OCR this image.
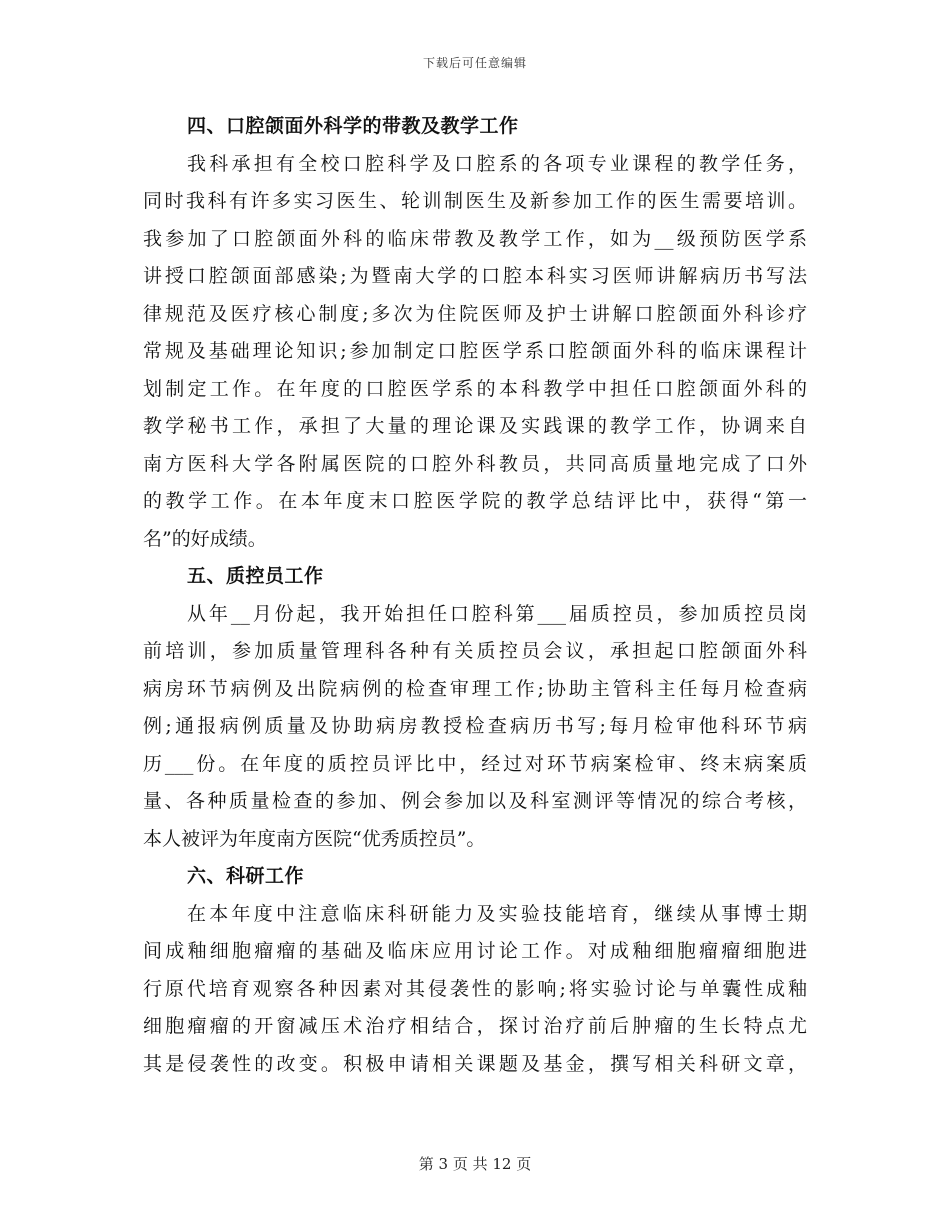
下载后可任意编辑
四、口腔颌面外科学的带教及教学工作
我科承担有全校口腔科学及口腔系的各项专业课程的教学任务，
同时我科有许多实习医生、轮训制医生及新参加工作的医生需要培训。
我参加了口腔颌面外科的临床带教及教学工作，如为__级预防医学系
讲授口腔颌面部感染;为暨南大学的口腔本科实习医师讲解病历书写法
律规范及医疗核心制度;多次为住院医师及护士讲解口腔颌面外科诊疗
常规及基础理论知识;参加制定口腔医学系口腔颌面外科的临床课程计
划制定工作。在年度的口腔医学系的本科教学中担任口腔颌面外科的
教学秘书工作，承担了大量的理论课及实践课的教学工作，协调来自
南方医科大学各附属医院的口腔外科教员，共同高质量地完成了口外
的教学工作。在本年度末口腔医学院的教学总结评比中，获得“第一
名”的好成绩。
五、质控员工作
从年__月份起，我开始担任口腔科第___届质控员，参加质控员岗
前培训，参加质量管理科各种有关质控员会议，承担起口腔颌面外科
病房环节病例及出院病例的检查审理工作;协助主管科主任每月检查病
例;通报病例质量及协助病房教授检查病历书写;每月检审他科环节病
历___份。在年度的质控员评比中，经过对环节病案检审、终末病案质
量、各种质量检查的参加、例会参加以及科室测评等情况的综合考核，
本人被评为年度南方医院“优秀质控员”。
六、科研工作
在本年度中注意临床科研能力及实验技能培育，继续从事博士期
间成釉细胞瘤瘤的基础及临床应用讨论工作。对成釉细胞瘤瘤细胞进
行原代培育观察各种因素对其侵袭性的影响;将实验讨论与单囊性成釉
细胞瘤瘤的开窗减压术治疗相结合，探讨治疗前后肿瘤的生长特点尤
其是侵袭性的改变。积极申请相关课题及基金，撰写相关科研文章，
第 3 页 共 12 页
